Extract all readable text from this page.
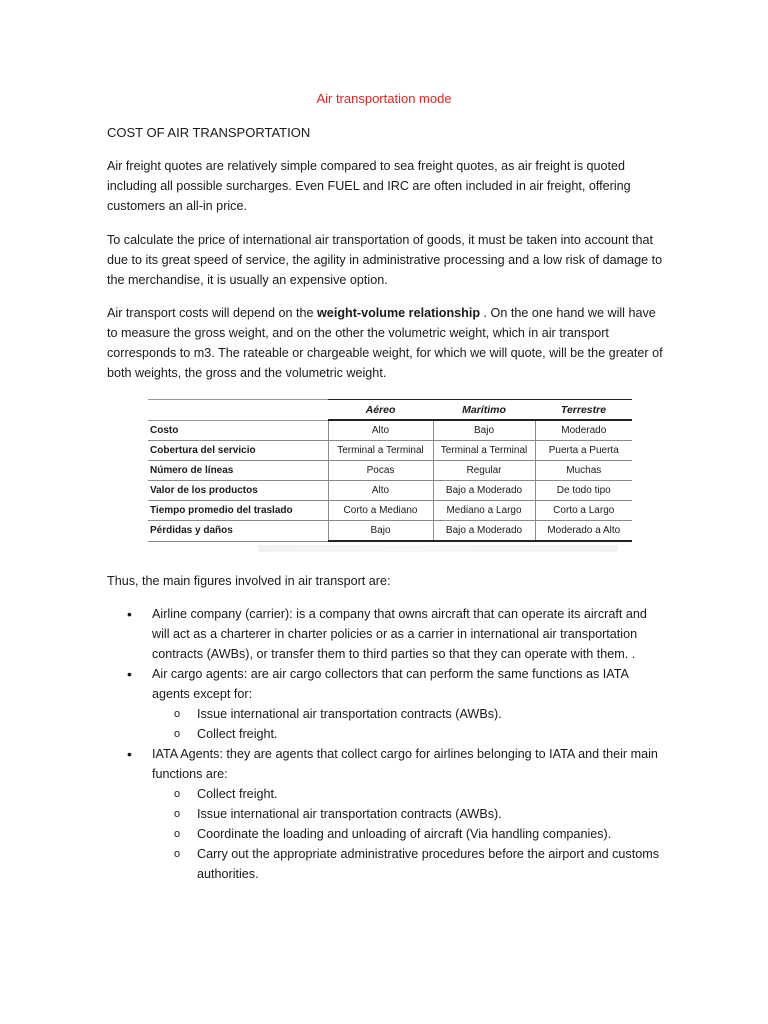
Air transportation mode
COST OF AIR TRANSPORTATION

Air freight quotes are relatively simple compared to sea freight quotes, as air freight is quoted including all possible surcharges. Even FUEL and IRC are often included in air freight, offering customers an all-in price.

To calculate the price of international air transportation of goods, it must be taken into account that due to its great speed of service, the agility in administrative processing and a low risk of damage to the merchandise, it is usually an expensive option.

Air transport costs will depend on the weight-volume relationship . On the one hand we will have to measure the gross weight, and on the other the volumetric weight, which in air transport corresponds to m3. The rateable or chargeable weight, for which we will quote, will be the greater of both weights, the gross and the volumetric weight.

	Aéreo	Marítimo	Terrestre
Costo	Alto	Bajo	Moderado
Cobertura del servicio	Terminal a Terminal	Terminal a Terminal	Puerta a Puerta
Número de líneas	Pocas	Regular	Muchas
Valor de los productos	Alto	Bajo a Moderado	De todo tipo
Tiempo promedio del traslado	Corto a Mediano	Mediano a Largo	Corto a Largo
Pérdidas y daños	Bajo	Bajo a Moderado	Moderado a Alto

Thus, the main figures involved in air transport are:

• Airline company (carrier): is a company that owns aircraft that can operate its aircraft and will act as a charterer in charter policies or as a carrier in international air transportation contracts (AWBs), or transfer them to third parties so that they can operate with them. .
• Air cargo agents: are air cargo collectors that can perform the same functions as IATA agents except for:
o Issue international air transportation contracts (AWBs).
o Collect freight.
• IATA Agents: they are agents that collect cargo for airlines belonging to IATA and their main functions are:
o Collect freight.
o Issue international air transportation contracts (AWBs).
o Coordinate the loading and unloading of aircraft (Via handling companies).
o Carry out the appropriate administrative procedures before the airport and customs authorities.
